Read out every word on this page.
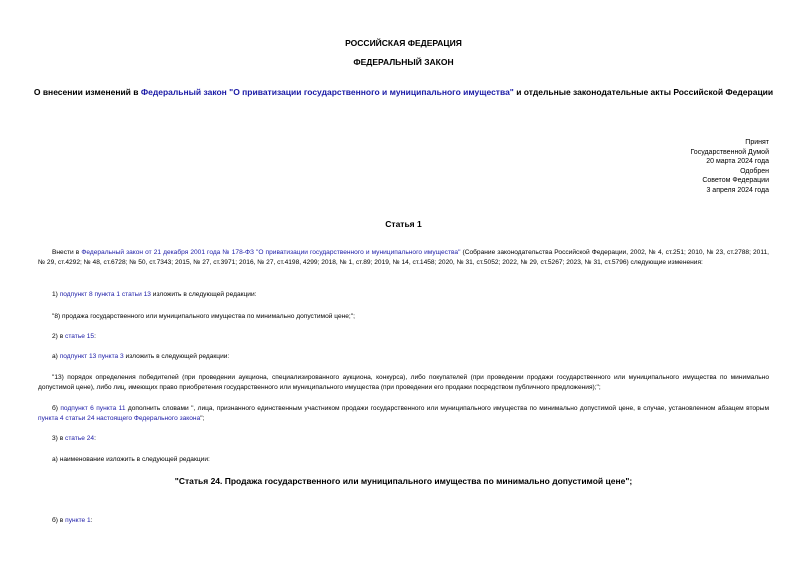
РОССИЙСКАЯ ФЕДЕРАЦИЯ
ФЕДЕРАЛЬНЫЙ ЗАКОН
О внесении изменений в Федеральный закон "О приватизации государственного и муниципального имущества" и отдельные законодательные акты Российской Федерации
Принят
Государственной Думой
20 марта 2024 года
Одобрен
Советом Федерации
3 апреля 2024 года
Статья 1
Внести в Федеральный закон от 21 декабря 2001 года № 178-ФЗ "О приватизации государственного и муниципального имущества" (Собрание законодательства Российской Федерации, 2002, № 4, ст.251; 2010, № 23, ст.2788; 2011, № 29, ст.4292; № 48, ст.6728; № 50, ст.7343; 2015, № 27, ст.3971; 2016, № 27, ст.4198, 4299; 2018, № 1, ст.89; 2019, № 14, ст.1458; 2020, № 31, ст.5052; 2022, № 29, ст.5267; 2023, № 31, ст.5796) следующие изменения:
1) подпункт 8 пункта 1 статьи 13 изложить в следующей редакции:
"8) продажа государственного или муниципального имущества по минимально допустимой цене;";
2) в статье 15:
а) подпункт 13 пункта 3 изложить в следующей редакции:
"13) порядок определения победителей (при проведении аукциона, специализированного аукциона, конкурса), либо покупателей (при проведении продажи государственного или муниципального имущества по минимально допустимой цене), либо лиц, имеющих право приобретения государственного или муниципального имущества (при проведении его продажи посредством публичного предложения);";
б) подпункт 6 пункта 11 дополнить словами ", лица, признанного единственным участником продажи государственного или муниципального имущества по минимально допустимой цене, в случае, установленном абзацем вторым пункта 4 статьи 24 настоящего Федерального закона";
3) в статье 24:
а) наименование изложить в следующей редакции:
"Статья 24. Продажа государственного или муниципального имущества по минимально допустимой цене";
б) в пункте 1:
